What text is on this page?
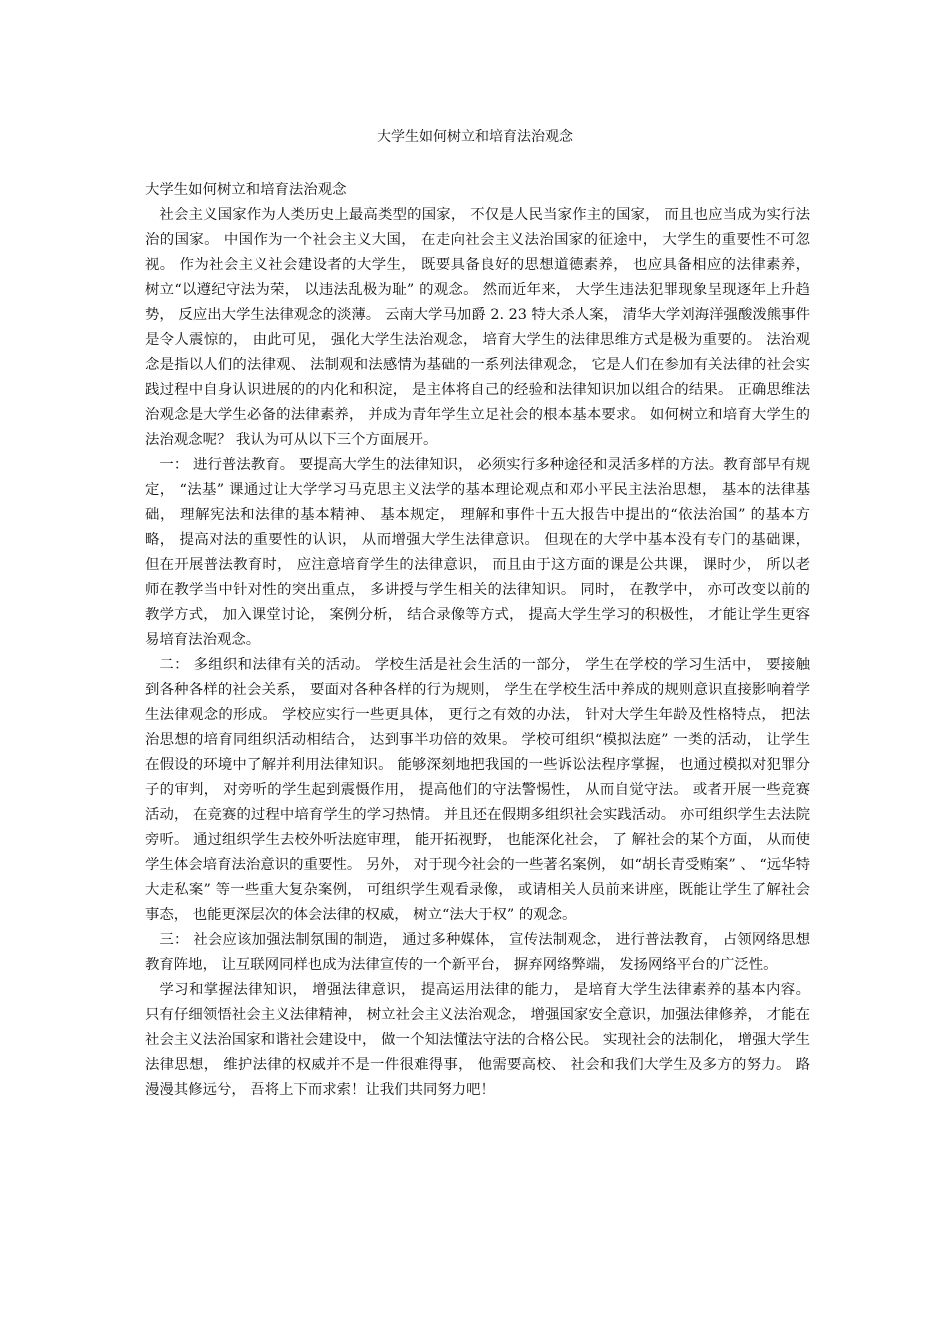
大学生如何树立和培育法治观念

大学生如何树立和培育法治观念

社会主义国家作为人类历史上最高类型的国家， 不仅是人民当家作主的国家， 而且也应当成为实行法治的国家。 中国作为一个社会主义大国， 在走向社会主义法治国家的征途中， 大学生的重要性不可忽视。 作为社会主义社会建设者的大学生， 既要具备良好的思想道德素养， 也应具备相应的法律素养， 树立“以遵纪守法为荣， 以违法乱极为耻” 的观念。 然而近年来， 大学生违法犯罪现象呈现逐年上升趋势， 反应出大学生法律观念的淡薄。 云南大学马加爵 2. 23 特大杀人案， 清华大学刘海洋强酸泼熊事件是令人震惊的， 由此可见， 强化大学生法治观念， 培育大学生的法律思维方式是极为重要的。 法治观念是指以人们的法律观、 法制观和法感情为基础的一系列法律观念， 它是人们在参加有关法律的社会实践过程中自身认识进展的的内化和积淀， 是主体将自己的经验和法律知识加以组合的结果。 正确思维法治观念是大学生必备的法律素养， 并成为青年学生立足社会的根本基本要求。 如何树立和培育大学生的法治观念呢？ 我认为可从以下三个方面展开。

一： 进行普法教育。 要提高大学生的法律知识， 必须实行多种途径和灵活多样的方法。教育部早有规定， “法基” 课通过让大学学习马克思主义法学的基本理论观点和邓小平民主法治思想， 基本的法律基础， 理解宪法和法律的基本精神、 基本规定， 理解和事件十五大报告中提出的“依法治国” 的基本方略， 提高对法的重要性的认识， 从而增强大学生法律意识。 但现在的大学中基本没有专门的基础课， 但在开展普法教育时， 应注意培育学生的法律意识， 而且由于这方面的课是公共课， 课时少， 所以老师在教学当中针对性的突出重点， 多讲授与学生相关的法律知识。 同时， 在教学中， 亦可改变以前的教学方式， 加入课堂讨论， 案例分析， 结合录像等方式， 提高大学生学习的积极性， 才能让学生更容易培育法治观念。

二： 多组织和法律有关的活动。 学校生活是社会生活的一部分， 学生在学校的学习生活中， 要接触到各种各样的社会关系， 要面对各种各样的行为规则， 学生在学校生活中养成的规则意识直接影响着学生法律观念的形成。 学校应实行一些更具体， 更行之有效的办法， 针对大学生年龄及性格特点， 把法治思想的培育同组织活动相结合， 达到事半功倍的效果。 学校可组织“模拟法庭” 一类的活动， 让学生在假设的环境中了解并利用法律知识。 能够深刻地把我国的一些诉讼法程序掌握， 也通过模拟对犯罪分子的审判， 对旁听的学生起到震慑作用， 提高他们的守法警惕性， 从而自觉守法。 或者开展一些竞赛活动， 在竞赛的过程中培育学生的学习热情。 并且还在假期多组织社会实践活动。 亦可组织学生去法院旁听。 通过组织学生去校外听法庭审理， 能开拓视野， 也能深化社会， 了 解社会的某个方面， 从而使学生体会培育法治意识的重要性。 另外， 对于现今社会的一些著名案例， 如“胡长青受贿案” 、 “远华特大走私案” 等一些重大复杂案例， 可组织学生观看录像， 或请相关人员前来讲座，既能让学生了解社会事态， 也能更深层次的体会法律的权威， 树立“法大于权” 的观念。

三： 社会应该加强法制氛围的制造， 通过多种媒体， 宣传法制观念， 进行普法教育， 占领网络思想教育阵地， 让互联网同样也成为法律宣传的一个新平台， 摒弃网络弊端， 发扬网络平台的广泛性。

学习和掌握法律知识， 增强法律意识， 提高运用法律的能力， 是培育大学生法律素养的基本内容。 只有仔细领悟社会主义法律精神， 树立社会主义法治观念， 增强国家安全意识，加强法律修养， 才能在社会主义法治国家和谐社会建设中， 做一个知法懂法守法的合格公民。 实现社会的法制化， 增强大学生法律思想， 维护法律的权威并不是一件很难得事， 他需要高校、 社会和我们大学生及多方的努力。 路漫漫其修远兮， 吾将上下而求索！让我们共同努力吧！
